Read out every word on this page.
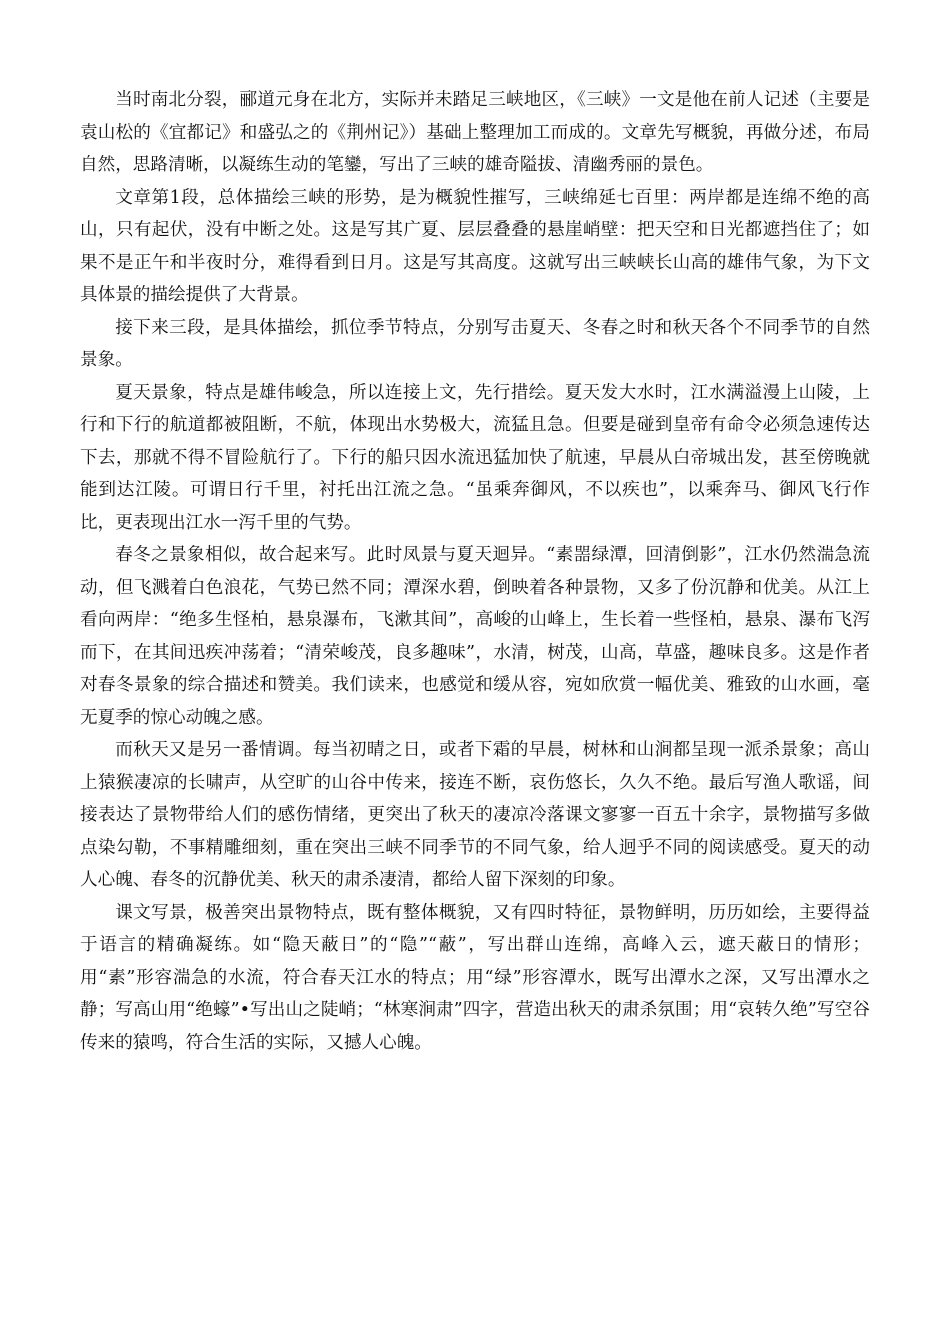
当时南北分裂，郦道元身在北方，实际并未踏足三峡地区，《三峡》一文是他在前人记述（主要是袁山松的《宜都记》和盛弘之的《荆州记》）基础上整理加工而成的。文章先写概貌，再做分述，布局自然，思路清晰，以凝练生动的笔鑾，写出了三峡的雄奇隘拔、清幽秀丽的景色。

文章第1段，总体描绘三峡的形势，是为概貌性摧写，三峡绵延七百里：两岸都是连绵不绝的高山，只有起伏，没有中断之处。这是写其广夏、层层叠叠的悬崖峭壁：把天空和日光都遮挡住了；如果不是正午和半夜时分，难得看到日月。这是写其高度。这就写出三峡峡长山高的雄伟气象，为下文具体景的描绘提供了大背景。

接下来三段，是具体描绘，抓位季节特点，分别写击夏天、冬春之时和秋天各个不同季节的自然景象。

夏天景象，特点是雄伟峻急，所以连接上文，先行措绘。夏天发大水时，江水满溢漫上山陵，上行和下行的航道都被阻断，不航，体现出水势极大，流猛且急。但要是碰到皇帝有命令必须急速传达下去，那就不得不冒险航行了。下行的船只因水流迅猛加快了航速，早晨从白帝城出发，甚至傍晚就能到达江陵。可谓日行千里，衬托出江流之急。“虽乘奔御风，不以疾也”，以乘奔马、御风飞行作比，更表现出江水一泻千里的气势。

春冬之景象相似，故合起来写。此时凤景与夏天迴异。“素噐绿潭，回清倒影”，江水仍然湍急流动，但飞溅着白色浪花，气势已然不同；潭深水碧，倒映着各种景物，又多了份沉静和优美。从江上看向两岸：“绝多生怪柏，悬泉瀑布，飞漱其间”，高峻的山峰上，生长着一些怪柏，悬泉、瀑布飞泻而下，在其间迅疾冲荡着；“清荣峻茂，良多趣味”，水清，树茂，山高，草盛，趣味良多。这是作者对春冬景象的综合描述和赞美。我们读来，也感觉和缓从容，宛如欣赏一幅优美、雅致的山水画，毫无夏季的惊心动魄之感。

而秋天又是另一番情调。每当初晴之日，或者下霜的早晨，树林和山涧都呈现一派杀景象；高山上猿猴凄凉的长啸声，从空旷的山谷中传来，接连不断，哀伤悠长，久久不绝。最后写渔人歌谣，间接表达了景物带给人们的感伤情绪，更突出了秋天的凄凉冷落课文寥寥一百五十余字，景物描写多做点染勾勒，不事精雕细刻，重在突出三峡不同季节的不同气象，给人迥乎不同的阅读感受。夏天的动人心魄、春冬的沉静优美、秋天的肃杀凄清，都给人留下深刻的印象。

课文写景，极善突出景物特点，既有整体概貌，又有四时特征，景物鲜明，历历如绘，主要得益于语言的精确凝练。如“隐天蔽日”的“隐”“蔽”，写出群山连绵，高峰入云，遮天蔽日的情形；用“素”形容湍急的水流，符合春天江水的特点；用“绿”形容潭水，既写出潭水之深，又写出潭水之静；写高山用“绝蠔”•写出山之陡峭；“林寒涧肃”四字，营造出秋天的肃杀氛围；用“哀转久绝”写空谷传来的猿鸣，符合生活的实际，又撼人心魄。
